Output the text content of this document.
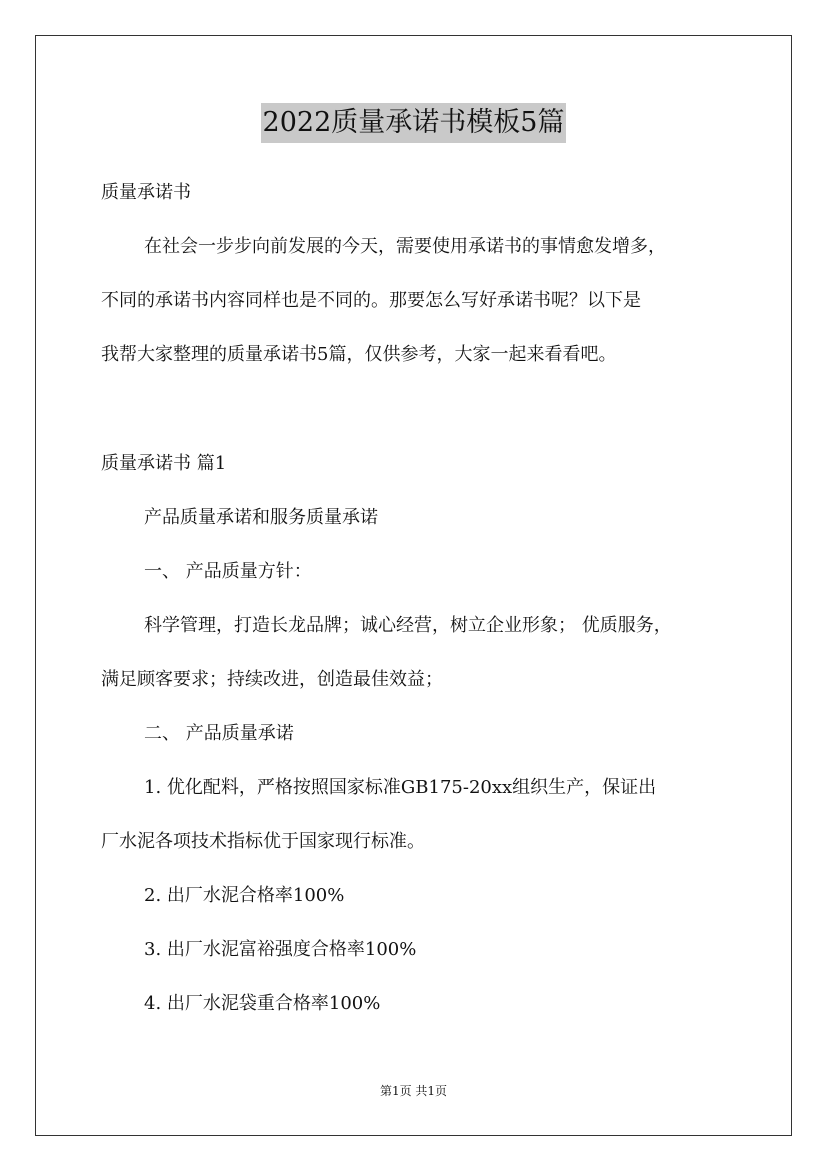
2022质量承诺书模板5篇
质量承诺书
在社会一步步向前发展的今天，需要使用承诺书的事情愈发增多，
不同的承诺书内容同样也是不同的。那要怎么写好承诺书呢？以下是
我帮大家整理的质量承诺书5篇，仅供参考，大家一起来看看吧。
质量承诺书 篇1
产品质量承诺和服务质量承诺
一、 产品质量方针：
科学管理，打造长龙品牌；诚心经营，树立企业形象； 优质服务，
满足顾客要求；持续改进，创造最佳效益；
二、 产品质量承诺
1. 优化配料，严格按照国家标准GB175-20xx组织生产，保证出
厂水泥各项技术指标优于国家现行标准。
2. 出厂水泥合格率100%
3. 出厂水泥富裕强度合格率100%
4. 出厂水泥袋重合格率100%
第1页 共1页
